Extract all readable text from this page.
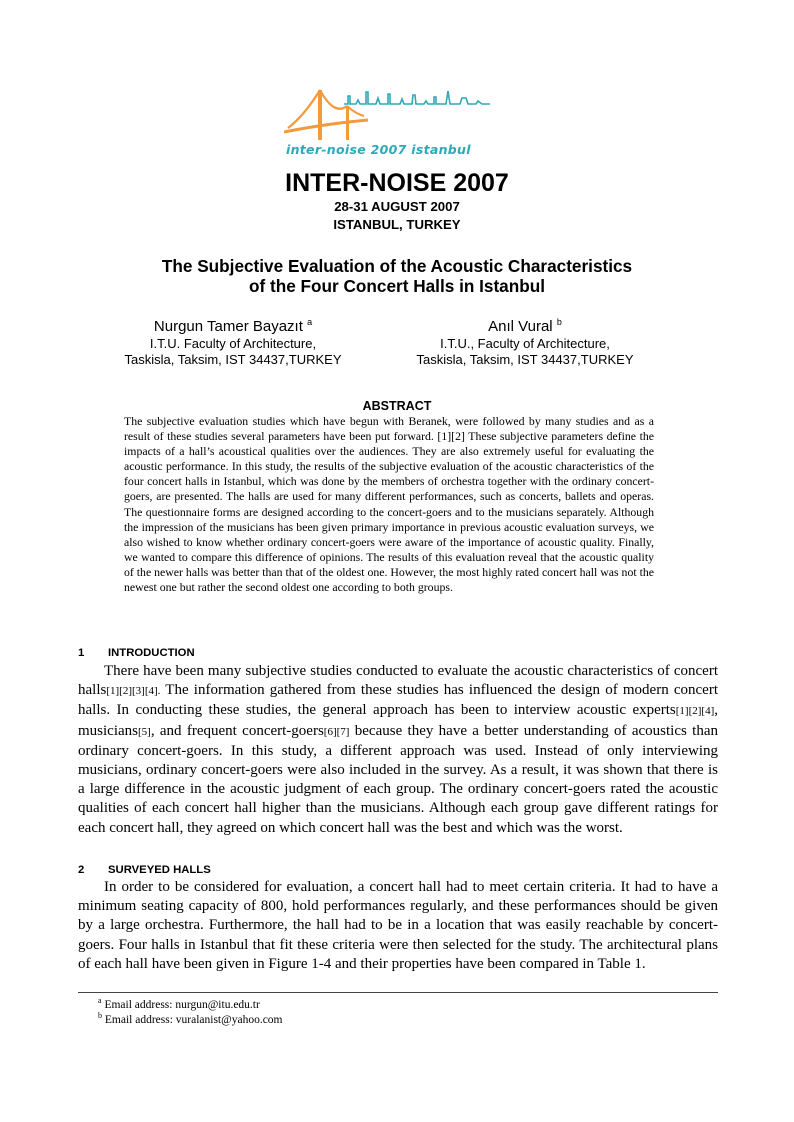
inter-noise 2007 istanbul
INTER-NOISE 2007
28-31 AUGUST 2007
ISTANBUL, TURKEY
The Subjective Evaluation of the Acoustic Characteristics
of the Four Concert Halls in Istanbul
Nurgun Tamer Bayazıt $^a$
I.T.U. Faculty of Architecture,
Taskisla, Taksim, IST 34437,TURKEY
Anıl Vural $^b$
I.T.U., Faculty of Architecture,
Taskisla, Taksim, IST 34437,TURKEY
ABSTRACT
The subjective evaluation studies which have begun with Beranek, were followed by many studies and as a result of these studies several parameters have been put forward. [1][2] These subjective parameters define the impacts of a hall’s acoustical qualities over the audiences. They are also extremely useful for evaluating the acoustic performance. In this study, the results of the subjective evaluation of the acoustic characteristics of the four concert halls in Istanbul, which was done by the members of orchestra together with the ordinary concert-goers, are presented. The halls are used for many different performances, such as concerts, ballets and operas. The questionnaire forms are designed according to the concert-goers and to the musicians separately. Although the impression of the musicians has been given primary importance in previous acoustic evaluation surveys, we also wished to know whether ordinary concert-goers were aware of the importance of acoustic quality. Finally, we wanted to compare this difference of opinions. The results of this evaluation reveal that the acoustic quality of the newer halls was better than that of the oldest one. However, the most highly rated concert hall was not the newest one but rather the second oldest one according to both groups.
1 INTRODUCTION

There have been many subjective studies conducted to evaluate the acoustic characteristics of concert halls[1][2][3][4]. The information gathered from these studies has influenced the design of modern concert halls. In conducting these studies, the general approach has been to interview acoustic experts[1][2][4], musicians[5], and frequent concert-goers[6][7] because they have a better understanding of acoustics than ordinary concert-goers. In this study, a different approach was used. Instead of only interviewing musicians, ordinary concert-goers were also included in the survey. As a result, it was shown that there is a large difference in the acoustic judgment of each group. The ordinary concert-goers rated the acoustic qualities of each concert hall higher than the musicians. Although each group gave different ratings for each concert hall, they agreed on which concert hall was the best and which was the worst.

2 SURVEYED HALLS

In order to be considered for evaluation, a concert hall had to meet certain criteria. It had to have a minimum seating capacity of 800, hold performances regularly, and these performances should be given by a large orchestra. Furthermore, the hall had to be in a location that was easily reachable by concert-goers. Four halls in Istanbul that fit these criteria were then selected for the study. The architectural plans of each hall have been given in Figure 1-4 and their properties have been compared in Table 1.

$^a$ Email address: nurgun@itu.edu.tr
$^b$ Email address: vuralanist@yahoo.com
